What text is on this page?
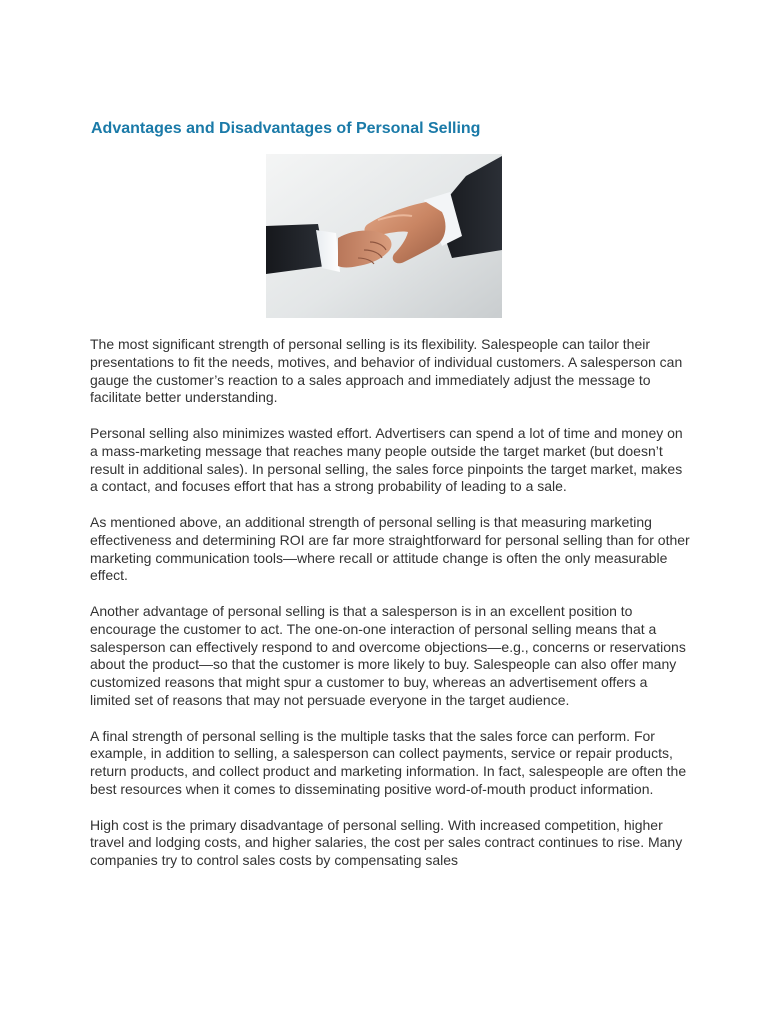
Advantages and Disadvantages of Personal Selling

The most significant strength of personal selling is its flexibility. Salespeople can tailor their presentations to fit the needs, motives, and behavior of individual customers. A salesperson can gauge the customer’s reaction to a sales approach and immediately adjust the message to facilitate better understanding.

Personal selling also minimizes wasted effort. Advertisers can spend a lot of time and money on a mass-marketing message that reaches many people outside the target market (but doesn’t result in additional sales). In personal selling, the sales force pinpoints the target market, makes a contact, and focuses effort that has a strong probability of leading to a sale.

As mentioned above, an additional strength of personal selling is that measuring marketing effectiveness and determining ROI are far more straightforward for personal selling than for other marketing communication tools—where recall or attitude change is often the only measurable effect.

Another advantage of personal selling is that a salesperson is in an excellent position to encourage the customer to act. The one-on-one interaction of personal selling means that a salesperson can effectively respond to and overcome objections—e.g., concerns or reservations about the product—so that the customer is more likely to buy. Salespeople can also offer many customized reasons that might spur a customer to buy, whereas an advertisement offers a limited set of reasons that may not persuade everyone in the target audience.

A final strength of personal selling is the multiple tasks that the sales force can perform. For example, in addition to selling, a salesperson can collect payments, service or repair products, return products, and collect product and marketing information. In fact, salespeople are often the best resources when it comes to disseminating positive word-of-mouth product information.

High cost is the primary disadvantage of personal selling. With increased competition, higher travel and lodging costs, and higher salaries, the cost per sales contract continues to rise. Many companies try to control sales costs by compensating sales
